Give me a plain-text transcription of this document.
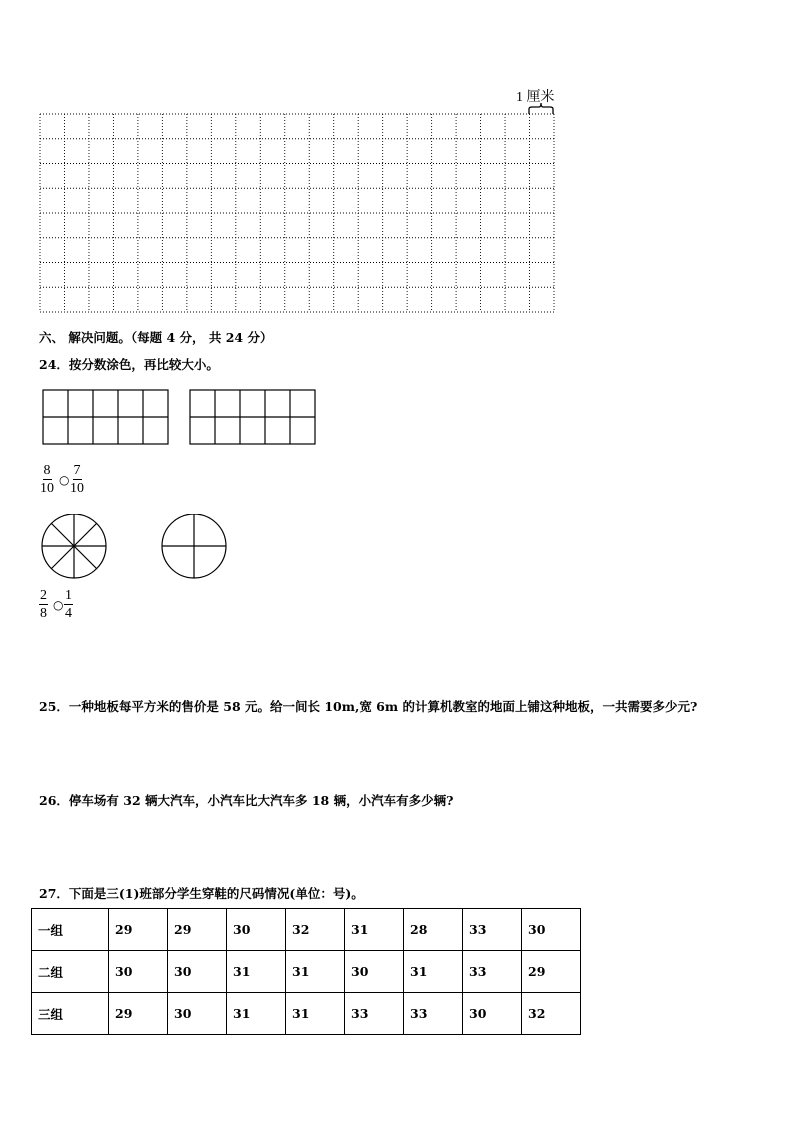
1 厘米
六、 解决问题。（每题 4 分， 共 24 分）
24．按分数涂色，再比较大小。
$\frac{8}{10}$ ○ $\frac{7}{10}$
$\frac{2}{8}$ ○ $\frac{1}{4}$
25．一种地板每平方米的售价是 58 元。给一间长 10m,宽 6m 的计算机教室的地面上铺这种地板，一共需要多少元?
26．停车场有 32 辆大汽车，小汽车比大汽车多 18 辆，小汽车有多少辆?
27．下面是三(1)班部分学生穿鞋的尺码情况(单位：号)。
一组	29	29	30	32	31	28	33	30
二组	30	30	31	31	30	31	33	29
三组	29	30	31	31	33	33	30	32
